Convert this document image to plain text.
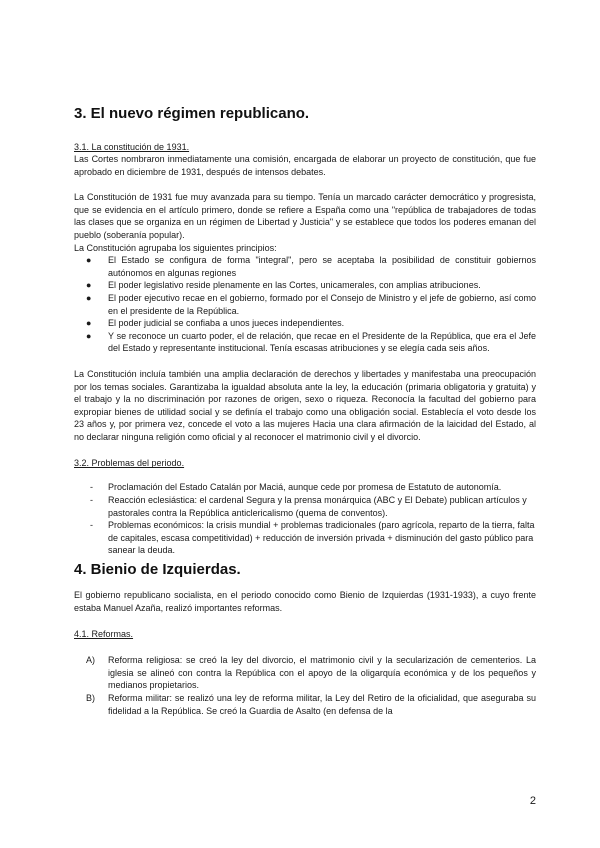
3. El nuevo régimen republicano.
3.1. La constitución de 1931.

Las Cortes nombraron inmediatamente una comisión, encargada de elaborar un proyecto de constitución, que fue aprobado en diciembre de 1931, después de intensos debates.

La Constitución de 1931 fue muy avanzada para su tiempo. Tenía un marcado carácter democrático y progresista, que se evidencia en el artículo primero, donde se refiere a España como una "república de trabajadores de todas las clases que se organiza en un régimen de Libertad y Justicia" y se establece que todos los poderes emanan del pueblo (soberanía popular).

La Constitución agrupaba los siguientes principios:

● El Estado se configura de forma "integral", pero se aceptaba la posibilidad de constituir gobiernos autónomos en algunas regiones
● El poder legislativo reside plenamente en las Cortes, unicamerales, con amplias atribuciones.
● El poder ejecutivo recae en el gobierno, formado por el Consejo de Ministro y el jefe de gobierno, así como en el presidente de la República.
● El poder judicial se confiaba a unos jueces independientes.
● Y se reconoce un cuarto poder, el de relación, que recae en el Presidente de la República, que era el Jefe del Estado y representante institucional. Tenía escasas atribuciones y se elegía cada seis años.

La Constitución incluía también una amplia declaración de derechos y libertades y manifestaba una preocupación por los temas sociales. Garantizaba la igualdad absoluta ante la ley, la educación (primaria obligatoria y gratuita) y el trabajo y la no discriminación por razones de origen, sexo o riqueza. Reconocía la facultad del gobierno para expropiar bienes de utilidad social y se definía el trabajo como una obligación social. Establecía el voto desde los 23 años y, por primera vez, concede el voto a las mujeres Hacia una clara afirmación de la laicidad del Estado, al no declarar ninguna religión como oficial y al reconocer el matrimonio civil y el divorcio.

3.2. Problemas del periodo.
- Proclamación del Estado Catalán por Maciá, aunque cede por promesa de Estatuto de autonomía.
- Reacción eclesiástica: el cardenal Segura y la prensa monárquica (ABC y El Debate) publican artículos y pastorales contra la República anticlericalismo (quema de conventos).
- Problemas económicos: la crisis mundial + problemas tradicionales (paro agrícola, reparto de la tierra, falta de capitales, escasa competitividad) + reducción de inversión privada + disminución del gasto público para sanear la deuda.
4. Bienio de Izquierdas.

El gobierno republicano socialista, en el periodo conocido como Bienio de Izquierdas (1931-1933), a cuyo frente estaba Manuel Azaña, realizó importantes reformas.

4.1. Reformas.
A) Reforma religiosa: se creó la ley del divorcio, el matrimonio civil y la secularización de cementerios. La iglesia se alineó con contra la República con el apoyo de la oligarquía económica y de los pequeños y medianos propietarios.
B) Reforma militar: se realizó una ley de reforma militar, la Ley del Retiro de la oficialidad, que aseguraba su fidelidad a la República. Se creó la Guardia de Asalto (en defensa de la
2
